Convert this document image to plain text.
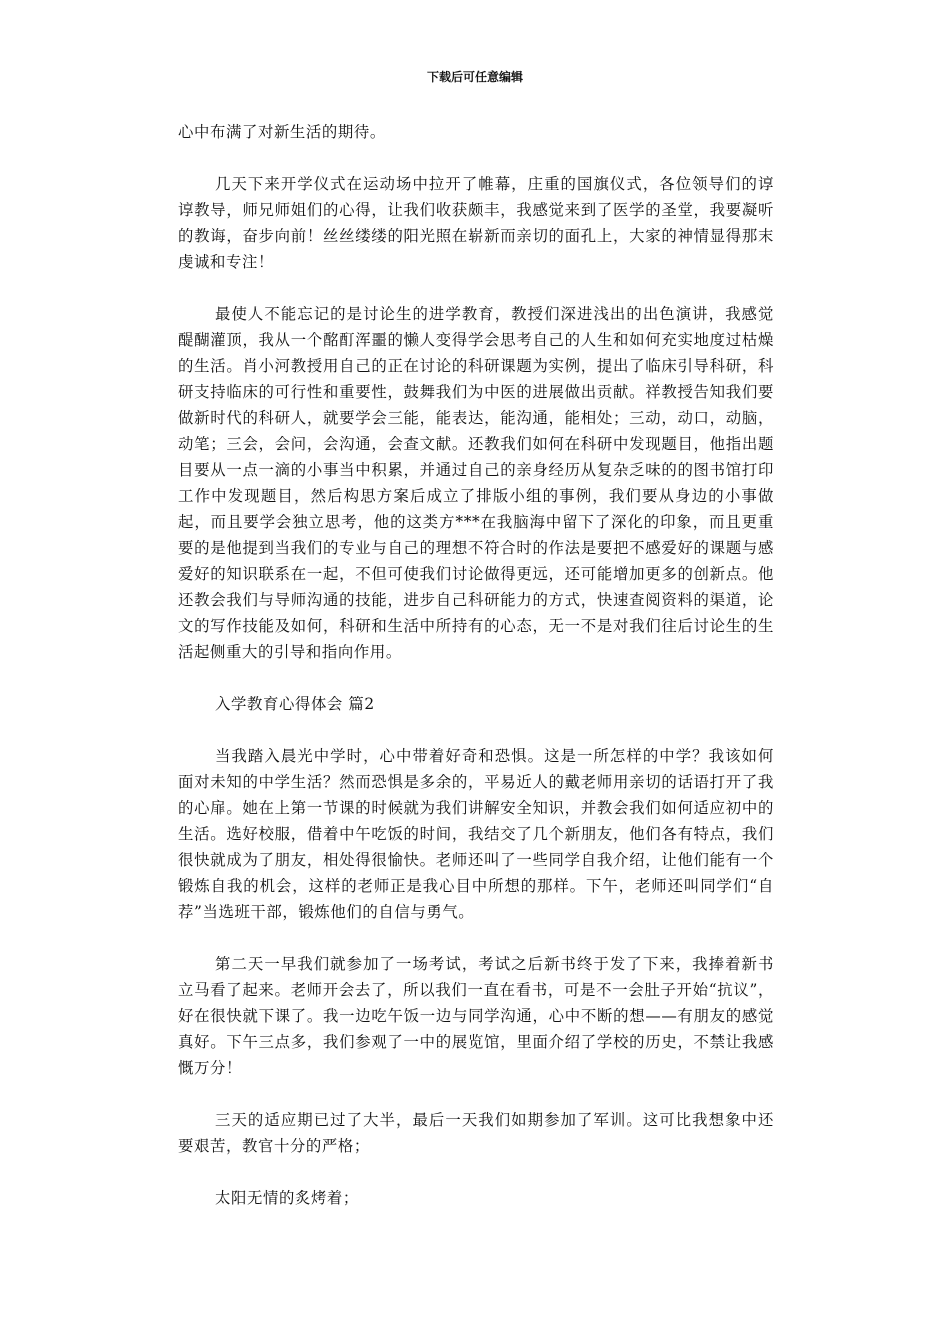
下载后可任意编辑

心中布满了对新生活的期待。

几天下来开学仪式在运动场中拉开了帷幕，庄重的国旗仪式，各位领导们的谆谆教导，师兄师姐们的心得，让我们收获颇丰，我感觉来到了医学的圣堂，我要凝听的教诲，奋步向前！丝丝缕缕的阳光照在崭新而亲切的面孔上，大家的神情显得那末虔诚和专注！

最使人不能忘记的是讨论生的进学教育，教授们深进浅出的出色演讲，我感觉醍醐灌顶，我从一个酩酊浑噩的懒人变得学会思考自己的人生和如何充实地度过枯燥的生活。肖小河教授用自己的正在讨论的科研课题为实例，提出了临床引导科研，科研支持临床的可行性和重要性，鼓舞我们为中医的进展做出贡献。祥教授告知我们要做新时代的科研人，就要学会三能，能表达，能沟通，能相处；三动，动口，动脑，动笔；三会，会问，会沟通，会查文献。还教我们如何在科研中发现题目，他指出题目要从一点一滴的小事当中积累，并通过自己的亲身经历从复杂乏味的的图书馆打印工作中发现题目，然后构思方案后成立了排版小组的事例，我们要从身边的小事做起，而且要学会独立思考，他的这类方***在我脑海中留下了深化的印象，而且更重要的是他提到当我们的专业与自己的理想不符合时的作法是要把不感爱好的课题与感爱好的知识联系在一起，不但可使我们讨论做得更远，还可能增加更多的创新点。他还教会我们与导师沟通的技能，进步自己科研能力的方式，快速查阅资料的渠道，论文的写作技能及如何，科研和生活中所持有的心态，无一不是对我们往后讨论生的生活起侧重大的引导和指向作用。

入学教育心得体会 篇2

当我踏入晨光中学时，心中带着好奇和恐惧。这是一所怎样的中学？我该如何面对未知的中学生活？然而恐惧是多余的，平易近人的戴老师用亲切的话语打开了我的心扉。她在上第一节课的时候就为我们讲解安全知识，并教会我们如何适应初中的生活。选好校服，借着中午吃饭的时间，我结交了几个新朋友，他们各有特点，我们很快就成为了朋友，相处得很愉快。老师还叫了一些同学自我介绍，让他们能有一个锻炼自我的机会，这样的老师正是我心目中所想的那样。下午，老师还叫同学们“自荐”当选班干部，锻炼他们的自信与勇气。

第二天一早我们就参加了一场考试，考试之后新书终于发了下来，我捧着新书立马看了起来。老师开会去了，所以我们一直在看书，可是不一会肚子开始“抗议”，好在很快就下课了。我一边吃午饭一边与同学沟通，心中不断的想——有朋友的感觉真好。下午三点多，我们参观了一中的展览馆，里面介绍了学校的历史，不禁让我感慨万分！

三天的适应期已过了大半，最后一天我们如期参加了军训。这可比我想象中还要艰苦，教官十分的严格；

太阳无情的炙烤着；
